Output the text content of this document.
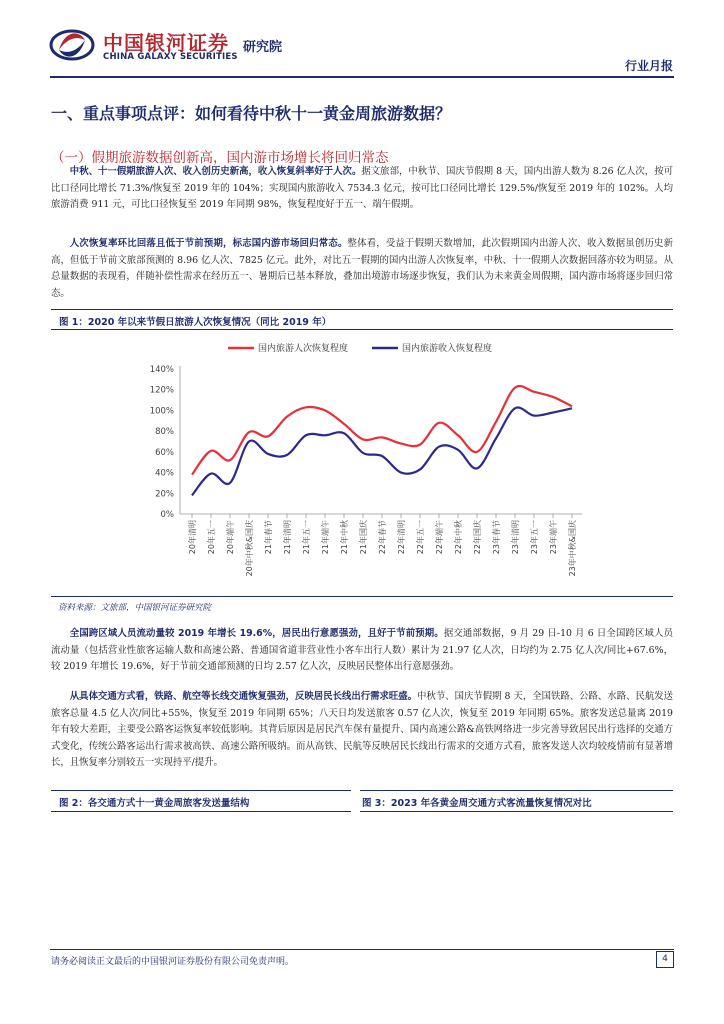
中国银河证券
CHINA GALAXY SECURITIES
研究院
行业月报
一、重点事项点评：如何看待中秋十一黄金周旅游数据？
（一）假期旅游数据创新高，国内游市场增长将回归常态
中秋、十一假期旅游人次、收入创历史新高，收入恢复斜率好于人次。据文旅部，中秋节、国庆节假期 8 天，国内出游人数为 8.26 亿人次，按可比口径同比增长 71.3%/恢复至 2019 年的 104%；实现国内旅游收入 7534.3 亿元，按可比口径同比增长 129.5%/恢复至 2019 年的 102%。人均旅游消费 911 元，可比口径恢复至 2019 年同期 98%，恢复程度好于五一、端午假期。
人次恢复率环比回落且低于节前预期，标志国内游市场回归常态。整体看，受益于假期天数增加，此次假期国内出游人次、收入数据虽创历史新高，但低于节前文旅部预测的 8.96 亿人次、7825 亿元。此外，对比五一假期的国内出游人次恢复率，中秋、十一假期人次数据回落亦较为明显。从总量数据的表现看，伴随补偿性需求在经历五一、暑期后已基本释放，叠加出境游市场逐步恢复，我们认为未来黄金周假期，国内游市场将逐步回归常态。
图 1：2020 年以来节假日旅游人次恢复情况（同比 2019 年）
国内旅游人次恢复程度	国内旅游收入恢复程度
0%
20%
40%
60%
80%
100%
120%
140%
20年清明 20年五一 20年端午 20年中秋&国庆 21年春节 21年清明 21年五一 21年端午 21年中秋 21年国庆 22年春节 22年清明 22年五一 22年端午 22年中秋 22年国庆 23年春节 23年清明 23年五一 23年端午 23年中秋&国庆
资料来源：文旅部，中国银河证券研究院
全国跨区域人员流动量较 2019 年增长 19.6%，居民出行意愿强劲，且好于节前预期。据交通部数据，9 月 29 日-10 月 6 日全国跨区域人员流动量（包括营业性旅客运输人数和高速公路、普通国省道非营业性小客车出行人数）累计为 21.97 亿人次，日均约为 2.75 亿人次/同比+67.6%，较 2019 年增长 19.6%，好于节前交通部预测的日均 2.57 亿人次，反映居民整体出行意愿强劲。
从具体交通方式看，铁路、航空等长线交通恢复强劲，反映居民长线出行需求旺盛。中秋节、国庆节假期 8 天，全国铁路、公路、水路、民航发送旅客总量 4.5 亿人次/同比+55%，恢复至 2019 年同期 65%；八天日均发送旅客 0.57 亿人次，恢复至 2019 年同期 65%。旅客发送总量离 2019 年有较大差距，主要受公路客运恢复率较低影响。其背后原因是居民汽车保有量提升、国内高速公路&高铁网络进一步完善导致居民出行选择的交通方式变化，传统公路客运出行需求被高铁、高速公路所吸纳。而从高铁、民航等反映居民长线出行需求的交通方式看，旅客发送人次均较疫情前有显著增长，且恢复率分别较五一实现持平/提升。
图 2：各交通方式十一黄金周旅客发送量结构	图 3：2023 年各黄金周交通方式客流量恢复情况对比
请务必阅读正文最后的中国银河证券股份有限公司免责声明。	4
